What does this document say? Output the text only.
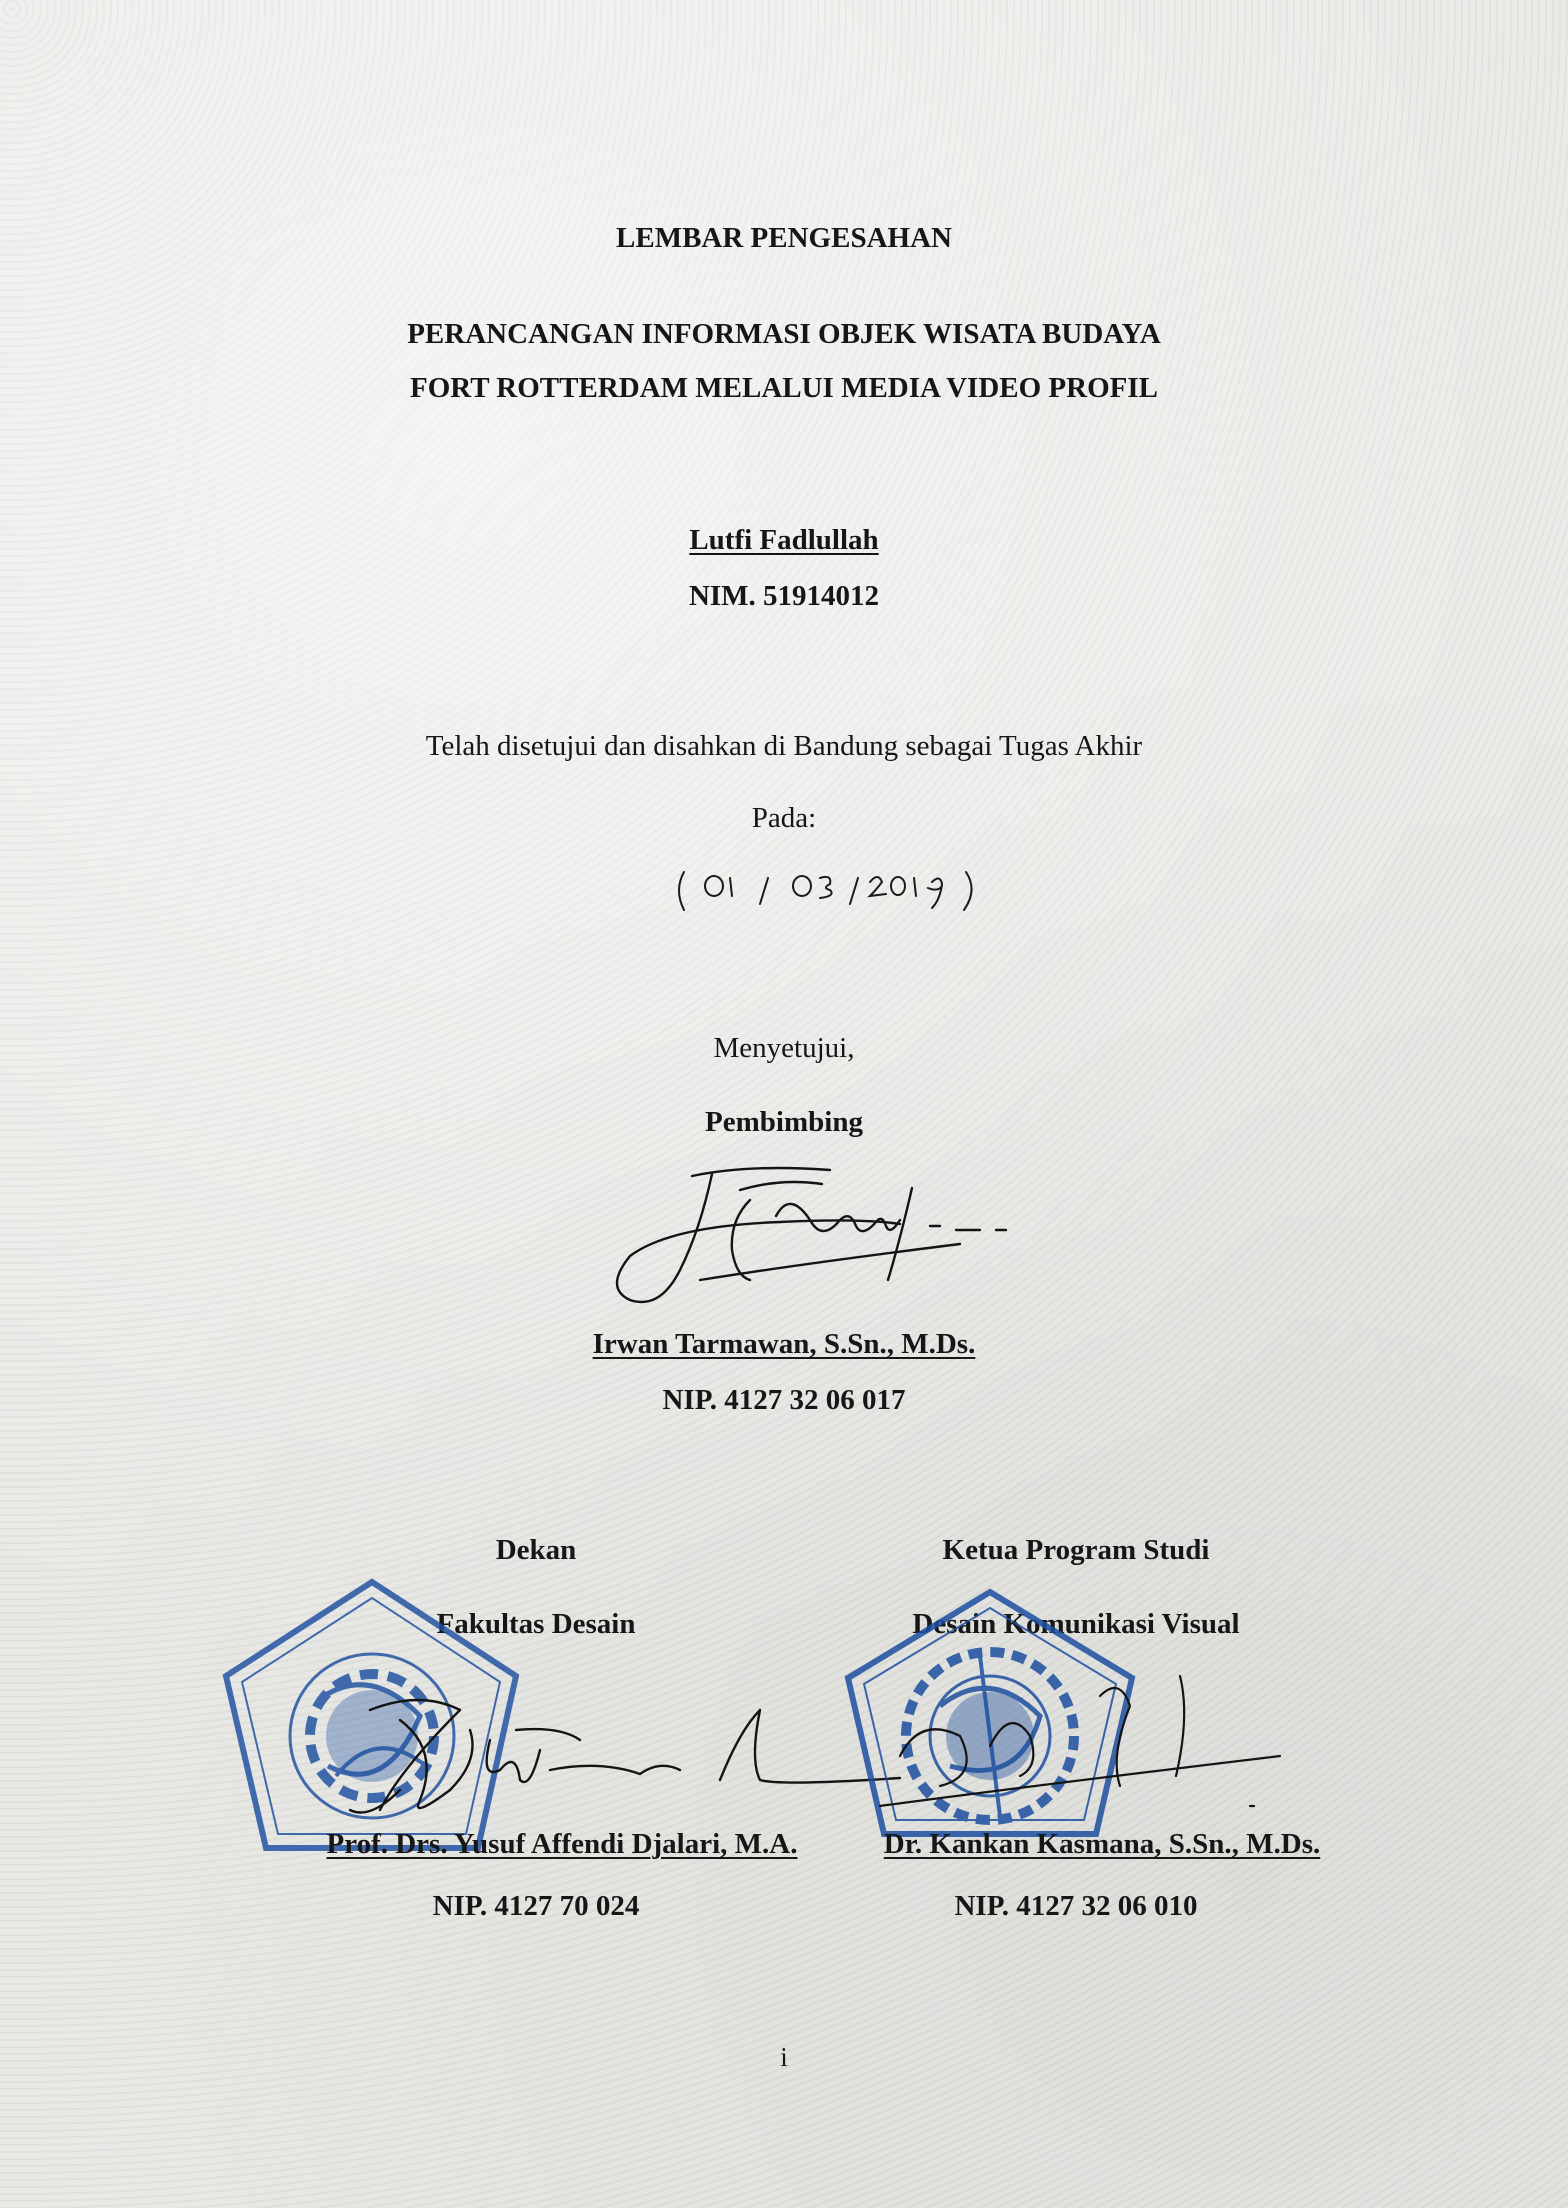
LEMBAR PENGESAHAN
PERANCANGAN INFORMASI OBJEK WISATA BUDAYA
FORT ROTTERDAM MELALUI MEDIA VIDEO PROFIL
Lutfi Fadlullah
NIM. 51914012
Telah disetujui dan disahkan di Bandung sebagai Tugas Akhir
Pada:
Menyetujui,
Pembimbing
Irwan Tarmawan, S.Sn., M.Ds.
NIP. 4127 32 06 017
Dekan
Fakultas Desain
Ketua Program Studi
Desain Komunikasi Visual
Prof. Drs. Yusuf Affendi Djalari, M.A.	Dr. Kankan Kasmana, S.Sn., M.Ds.
NIP. 4127 70 024	NIP. 4127 32 06 010
i
